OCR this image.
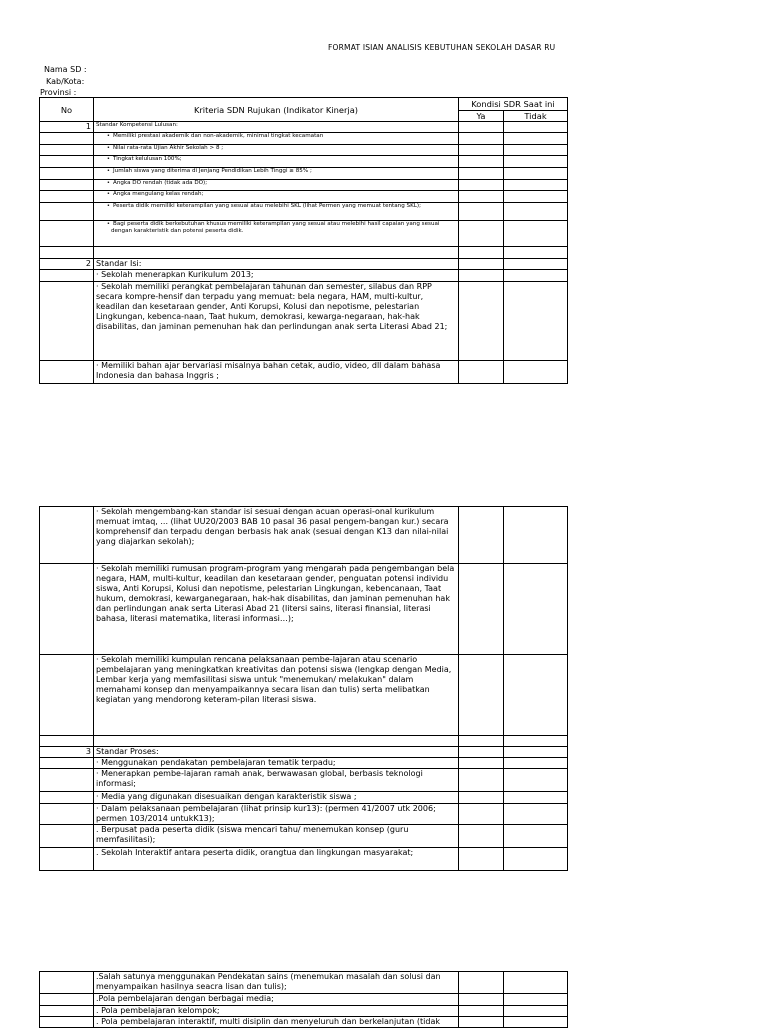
FORMAT ISIAN ANALISIS KEBUTUHAN SEKOLAH DASAR RU
Nama SD :
Kab/Kota:
Provinsi :
No	Kriteria SDN Rujukan (Indikator Kinerja)	Kondisi SDR Saat ini	
		Ya	Tidak
1	Standar Kompetensi Lulusan:		
	• Memiliki prestasi akademik dan non-akademik, minimal tingkat kecamatan		
	• Nilai rata-rata Ujian Akhir Sekolah > 8 ;		
	• Tingkat kelulusan 100%;		
	• Jumlah siswa yang diterima di Jenjang Pendidikan Lebih Tinggi ≥ 85% ;		
	• Angka DO rendah (tidak ada DO);		
	• Angka mengulang kelas rendah;		
	• Peserta didik memiliki keterampilan yang sesuai atau melebihi SKL (lihat Permen yang memuat tentang SKL);		
	• Bagi peserta didik berkebutuhan khusus memiliki keterampilan yang sesuai atau melebihi hasil capaian yang sesuai dengan karakteristik dan potensi peserta didik.		

2	Standar Isi:		
	· Sekolah menerapkan Kurikulum 2013;		
	· Sekolah memiliki perangkat pembelajaran tahunan dan semester, silabus dan RPP secara kompre-hensif dan terpadu yang memuat: bela negara, HAM, multi-kultur, keadilan dan kesetaraan gender, Anti Korupsi, Kolusi dan nepotisme, pelestarian Lingkungan, kebenca-naan, Taat hukum, demokrasi, kewarga-negaraan, hak-hak disabilitas, dan jaminan pemenuhan hak dan perlindungan anak serta Literasi Abad 21;		
	· Memiliki bahan ajar bervariasi misalnya bahan cetak, audio, video, dll dalam bahasa Indonesia dan bahasa Inggris ;		
	· Sekolah mengembang-kan standar isi sesuai dengan acuan operasi-onal kurikulum memuat imtaq, ... (lihat UU20/2003 BAB 10 pasal 36 pasal pengem-bangan kur.) secara komprehensif dan terpadu dengan berbasis hak anak (sesuai dengan K13 dan nilai-nilai yang diajarkan sekolah);		
	· Sekolah memiliki rumusan program-program yang mengarah pada pengembangan bela negara, HAM, multi-kultur, keadilan dan kesetaraan gender, penguatan potensi individu siswa, Anti Korupsi, Kolusi dan nepotisme, pelestarian Lingkungan, kebencanaan, Taat hukum, demokrasi, kewarganegaraan, hak-hak disabilitas, dan jaminan pemenuhan hak dan perlindungan anak serta Literasi Abad 21 (litersi sains, literasi finansial, literasi bahasa, literasi matematika, literasi informasi…);		
	· Sekolah memiliki kumpulan rencana pelaksanaan pembe-lajaran atau scenario pembelajaran yang meningkatkan kreativitas dan potensi siswa (lengkap dengan Media, Lembar kerja yang memfasilitasi siswa untuk "menemukan/ melakukan" dalam memahami konsep dan menyampaikannya secara lisan dan tulis) serta melibatkan kegiatan yang mendorong keteram-pilan literasi siswa.		

3	Standar Proses:		
	· Menggunakan pendakatan pembelajaran tematik terpadu;		
	· Menerapkan pembe-lajaran ramah anak, berwawasan global, berbasis teknologi informasi;		
	· Media yang digunakan disesuaikan dengan karakteristik siswa ;		
	· Dalam pelaksanaan pembelajaran (lihat prinsip kur13): (permen 41/2007 utk 2006; permen 103/2014 untukK13);		
	. Berpusat pada peserta didik (siswa mencari tahu/ menemukan konsep (guru memfasilitasi);		
	. Sekolah Interaktif antara peserta didik, orangtua dan lingkungan masyarakat;		
	.Salah satunya menggunakan Pendekatan sains (menemukan masalah dan solusi dan menyampaikan hasilnya seacra lisan dan tulis);		
	.Pola pembelajaran dengan berbagai media;		
	. Pola pembelajaran kelompok;		
	. Pola pembelajaran interaktif, multi disiplin dan menyeluruh dan berkelanjutan (tidak		
